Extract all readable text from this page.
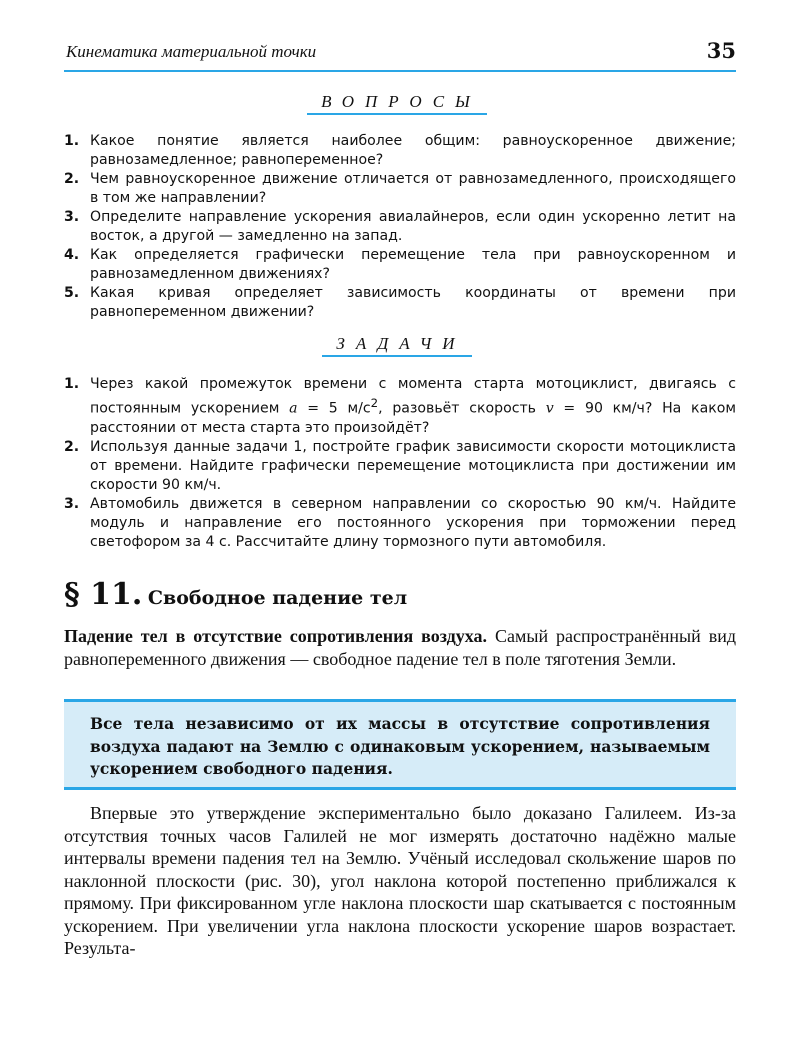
Кинематика материальной точки	35
ВОПРОСЫ
1. Какое понятие является наиболее общим: равноускоренное движение; равнозамедленное; равнопеременное?
2. Чем равноускоренное движение отличается от равнозамедленного, происходящего в том же направлении?
3. Определите направление ускорения авиалайнеров, если один ускоренно летит на восток, а другой — замедленно на запад.
4. Как определяется графически перемещение тела при равноускоренном и равнозамедленном движениях?
5. Какая кривая определяет зависимость координаты от времени при равнопеременном движении?
ЗАДАЧИ
1. Через какой промежуток времени с момента старта мотоциклист, двигаясь с постоянным ускорением a = 5 $м/с^2$, разовьёт скорость v = 90 км/ч? На каком расстоянии от места старта это произойдёт?
2. Используя данные задачи 1, постройте график зависимости скорости мотоциклиста от времени. Найдите графически перемещение мотоциклиста при достижении им скорости 90 км/ч.
3. Автомобиль движется в северном направлении со скоростью 90 км/ч. Найдите модуль и направление его постоянного ускорения при торможении перед светофором за 4 с. Рассчитайте длину тормозного пути автомобиля.
§ 11. Свободное падение тел

Падение тел в отсутствие сопротивления воздуха. Самый распространённый вид равнопеременного движения — свободное падение тел в поле тяготения Земли.

Все тела независимо от их массы в отсутствие сопротивления воздуха падают на Землю с одинаковым ускорением, называемым ускорением свободного падения.

Впервые это утверждение экспериментально было доказано Галилеем. Из-за отсутствия точных часов Галилей не мог измерять достаточно надёжно малые интервалы времени падения тел на Землю. Учёный исследовал скольжение шаров по наклонной плоскости (рис. 30), угол наклона которой постепенно приближался к прямому. При фиксированном угле наклона плоскости шар скатывается с постоянным ускорением. При увеличении угла наклона плоскости ускорение шаров возрастает. Результа-
